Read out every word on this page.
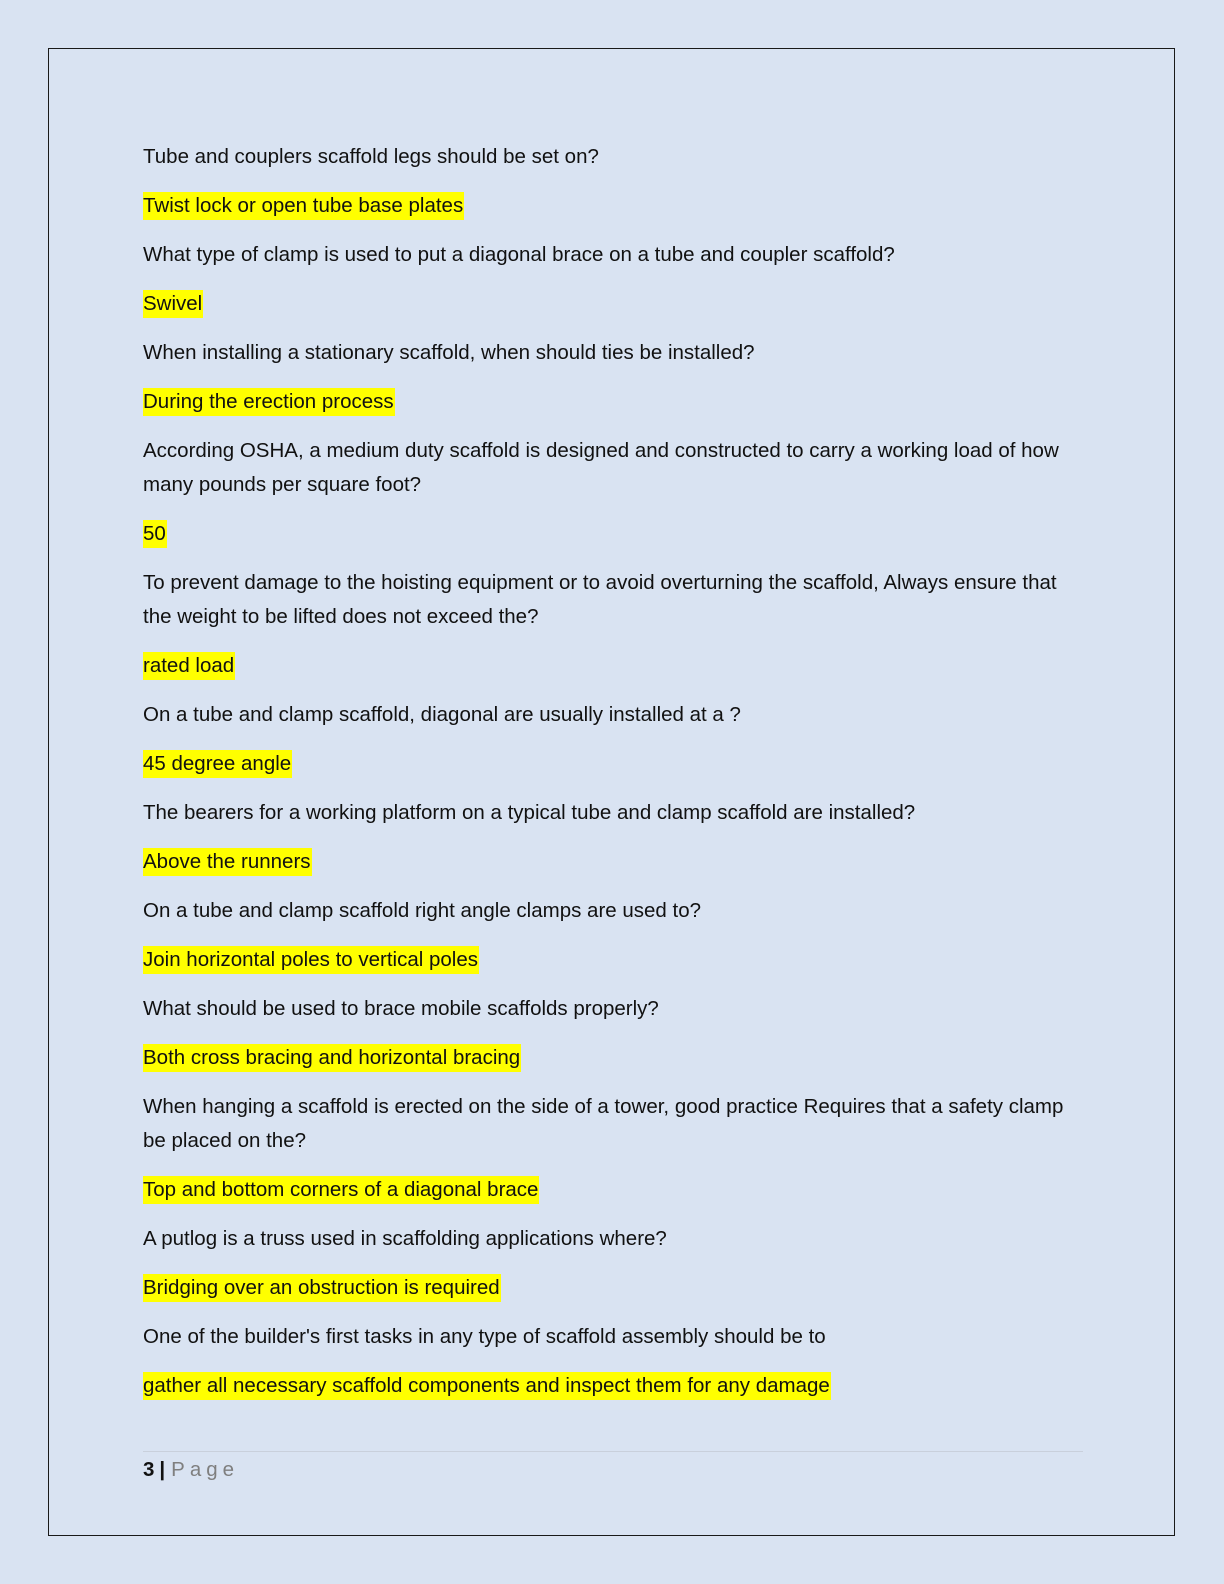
Tube and couplers scaffold legs should be set on?

Twist lock or open tube base plates

What type of clamp is used to put a diagonal brace on a tube and coupler scaffold?

Swivel

When installing a stationary scaffold, when should ties be installed?

During the erection process

According OSHA, a medium duty scaffold is designed and constructed to carry a working load of how many pounds per square foot?

50

To prevent damage to the hoisting equipment or to avoid overturning the scaffold, Always ensure that the weight to be lifted does not exceed the?

rated load

On a tube and clamp scaffold, diagonal are usually installed at a ?

45 degree angle

The bearers for a working platform on a typical tube and clamp scaffold are installed?

Above the runners

On a tube and clamp scaffold right angle clamps are used to?

Join horizontal poles to vertical poles

What should be used to brace mobile scaffolds properly?

Both cross bracing and horizontal bracing

When hanging a scaffold is erected on the side of a tower, good practice Requires that a safety clamp be placed on the?

Top and bottom corners of a diagonal brace

A putlog is a truss used in scaffolding applications where?

Bridging over an obstruction is required

One of the builder's first tasks in any type of scaffold assembly should be to

gather all necessary scaffold components and inspect them for any damage

3 | Page
